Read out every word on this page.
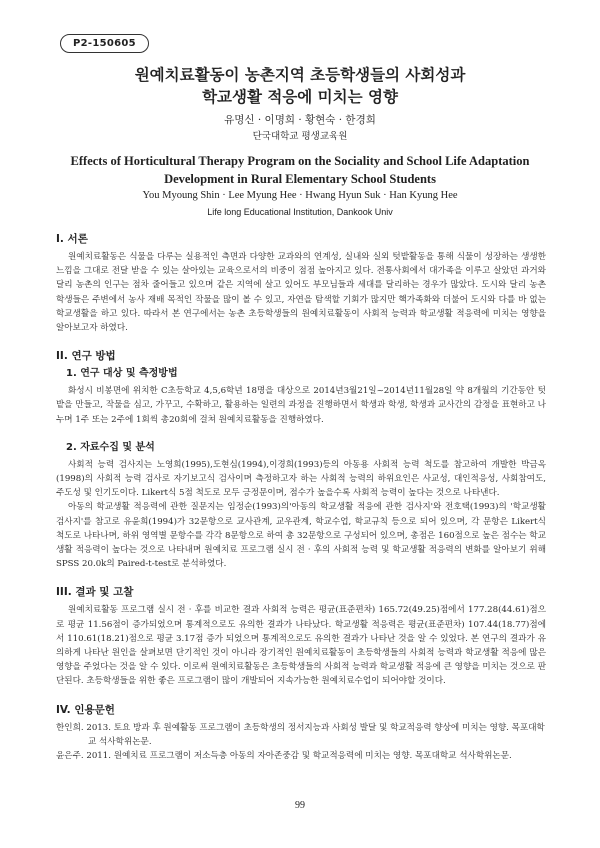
P2-150605
원예치료활동이 농촌지역 초등학생들의 사회성과
학교생활 적응에 미치는 영향
유명신 · 이명희 · 황현숙 · 한경희
단국대학교 평생교육원
Effects of Horticultural Therapy Program on the Sociality and School Life Adaptation
Development in Rural Elementary School Students
You Myoung Shin · Lee Myung Hee · Hwang Hyun Suk · Han Kyung Hee
Life long Educational Institution, Dankook Univ
I. 서론

원예치료활동은 식물을 다루는 실용적인 측면과 다양한 교과와의 연계성, 실내와 실외 텃밭활동을 통해 식물이 성장하는 생생한 느낌을 그대로 전달 받을 수 있는 살아있는 교육으로서의 비중이 점점 높아지고 있다. 전통사회에서 대가족을 이루고 살았던 과거와 달리 농촌의 인구는 점차 줄어들고 있으며 같은 지역에 살고 있어도 부모님들과 세대를 달리하는 경우가 많았다. 도시와 달리 농촌 학생들은 주변에서 농사 재배 목적인 작물을 많이 볼 수 있고, 자연을 탐색할 기회가 많지만 핵가족화와 더불어 도시와 다를 바 없는 학교생활을 하고 있다. 따라서 본 연구에서는 농촌 초등학생들의 원예치료활동이 사회적 능력과 학교생활 적응력에 미치는 영향을 알아보고자 하였다.

II. 연구 방법
1. 연구 대상 및 측정방법

화성시 비봉면에 위치한 C초등학교 4,5,6학년 18명을 대상으로 2014년3월21일~2014년11월28일 약 8개월의 기간동안 텃밭을 만들고, 작물을 심고, 가꾸고, 수확하고, 활용하는 일련의 과정을 진행하면서 학생과 학생, 학생과 교사간의 감정을 표현하고 나누며 1주 또는 2주에 1회씩 총20회에 걸쳐 원예치료활동을 진행하였다.

2. 자료수집 및 분석

사회적 능력 검사지는 노영희(1995),도현심(1994),이경희(1993)등의 아동용 사회적 능력 척도를 참고하여 개발한 박금옥(1998)의 사회적 능력 검사로 자기보고식 검사이며 측정하고자 하는 사회적 능력의 하위요인은 사교성, 대인적응성, 사회참여도, 주도성 및 인기도이다. Likert식 5점 척도로 모두 긍정문이며, 점수가 높을수록 사회적 능력이 높다는 것으로 나타낸다.

아동의 학교생활 적응력에 관한 질문지는 임정순(1993)의'아동의 학교생활 적응에 관한 검사지'와 전호택(1993)의 '학교생활 검사지'를 참고로 유윤희(1994)가 32문항으로 교사관계, 교우관계, 학교수업, 학교규칙 등으로 되어 있으며, 각 문항은 Likert식 척도로 나타나며, 하위 영역별 문항수를 각각 8문항으로 하여 총 32문항으로 구성되어 있으며, 총점은 160점으로 높은 점수는 학교생활 적응력이 높다는 것으로 나타내며 원예치료 프로그램 실시 전 · 후의 사회적 능력 및 학교생활 적응력의 변화를 알아보기 위해 SPSS 20.0k의 Paired-t-test로 분석하였다.

III. 결과 및 고찰

원예치료활동 프로그램 실시 전 · 후를 비교한 결과 사회적 능력은 평균(표준편차) 165.72(49.25)점에서 177.28(44.61)점으로 평균 11.56점이 증가되었으며 통계적으로도 유의한 결과가 나타났다. 학교생활 적응력은 평균(표준편차) 107.44(18.77)점에서 110.61(18.21)점으로 평균 3.17점 증가 되었으며 통계적으로도 유의한 결과가 나타난 것을 알 수 있었다. 본 연구의 결과가 유의하게 나타난 원인을 살펴보면 단기적인 것이 아니라 장기적인 원예치료활동이 초등학생들의 사회적 능력과 학교생활 적응에 많은 영향을 주었다는 것을 알 수 있다. 이로써 원예치료활동은 초등학생들의 사회적 능력과 학교생활 적응에 큰 영향을 미치는 것으로 판단된다. 초등학생들을 위한 좋은 프로그램이 많이 개발되어 지속가능한 원예치료수업이 되어야할 것이다.

IV. 인용문헌

한인희. 2013. 토요 방과 후 원예활동 프로그램이 초등학생의 정서지능과 사회성 발달 및 학교적응력 향상에 미치는 영향. 목포대학교 석사학위논문.

윤은주. 2011. 원예치료 프로그램이 저소득층 아동의 자아존중감 및 학교적응력에 미치는 영향. 목포대학교 석사학위논문.

99
